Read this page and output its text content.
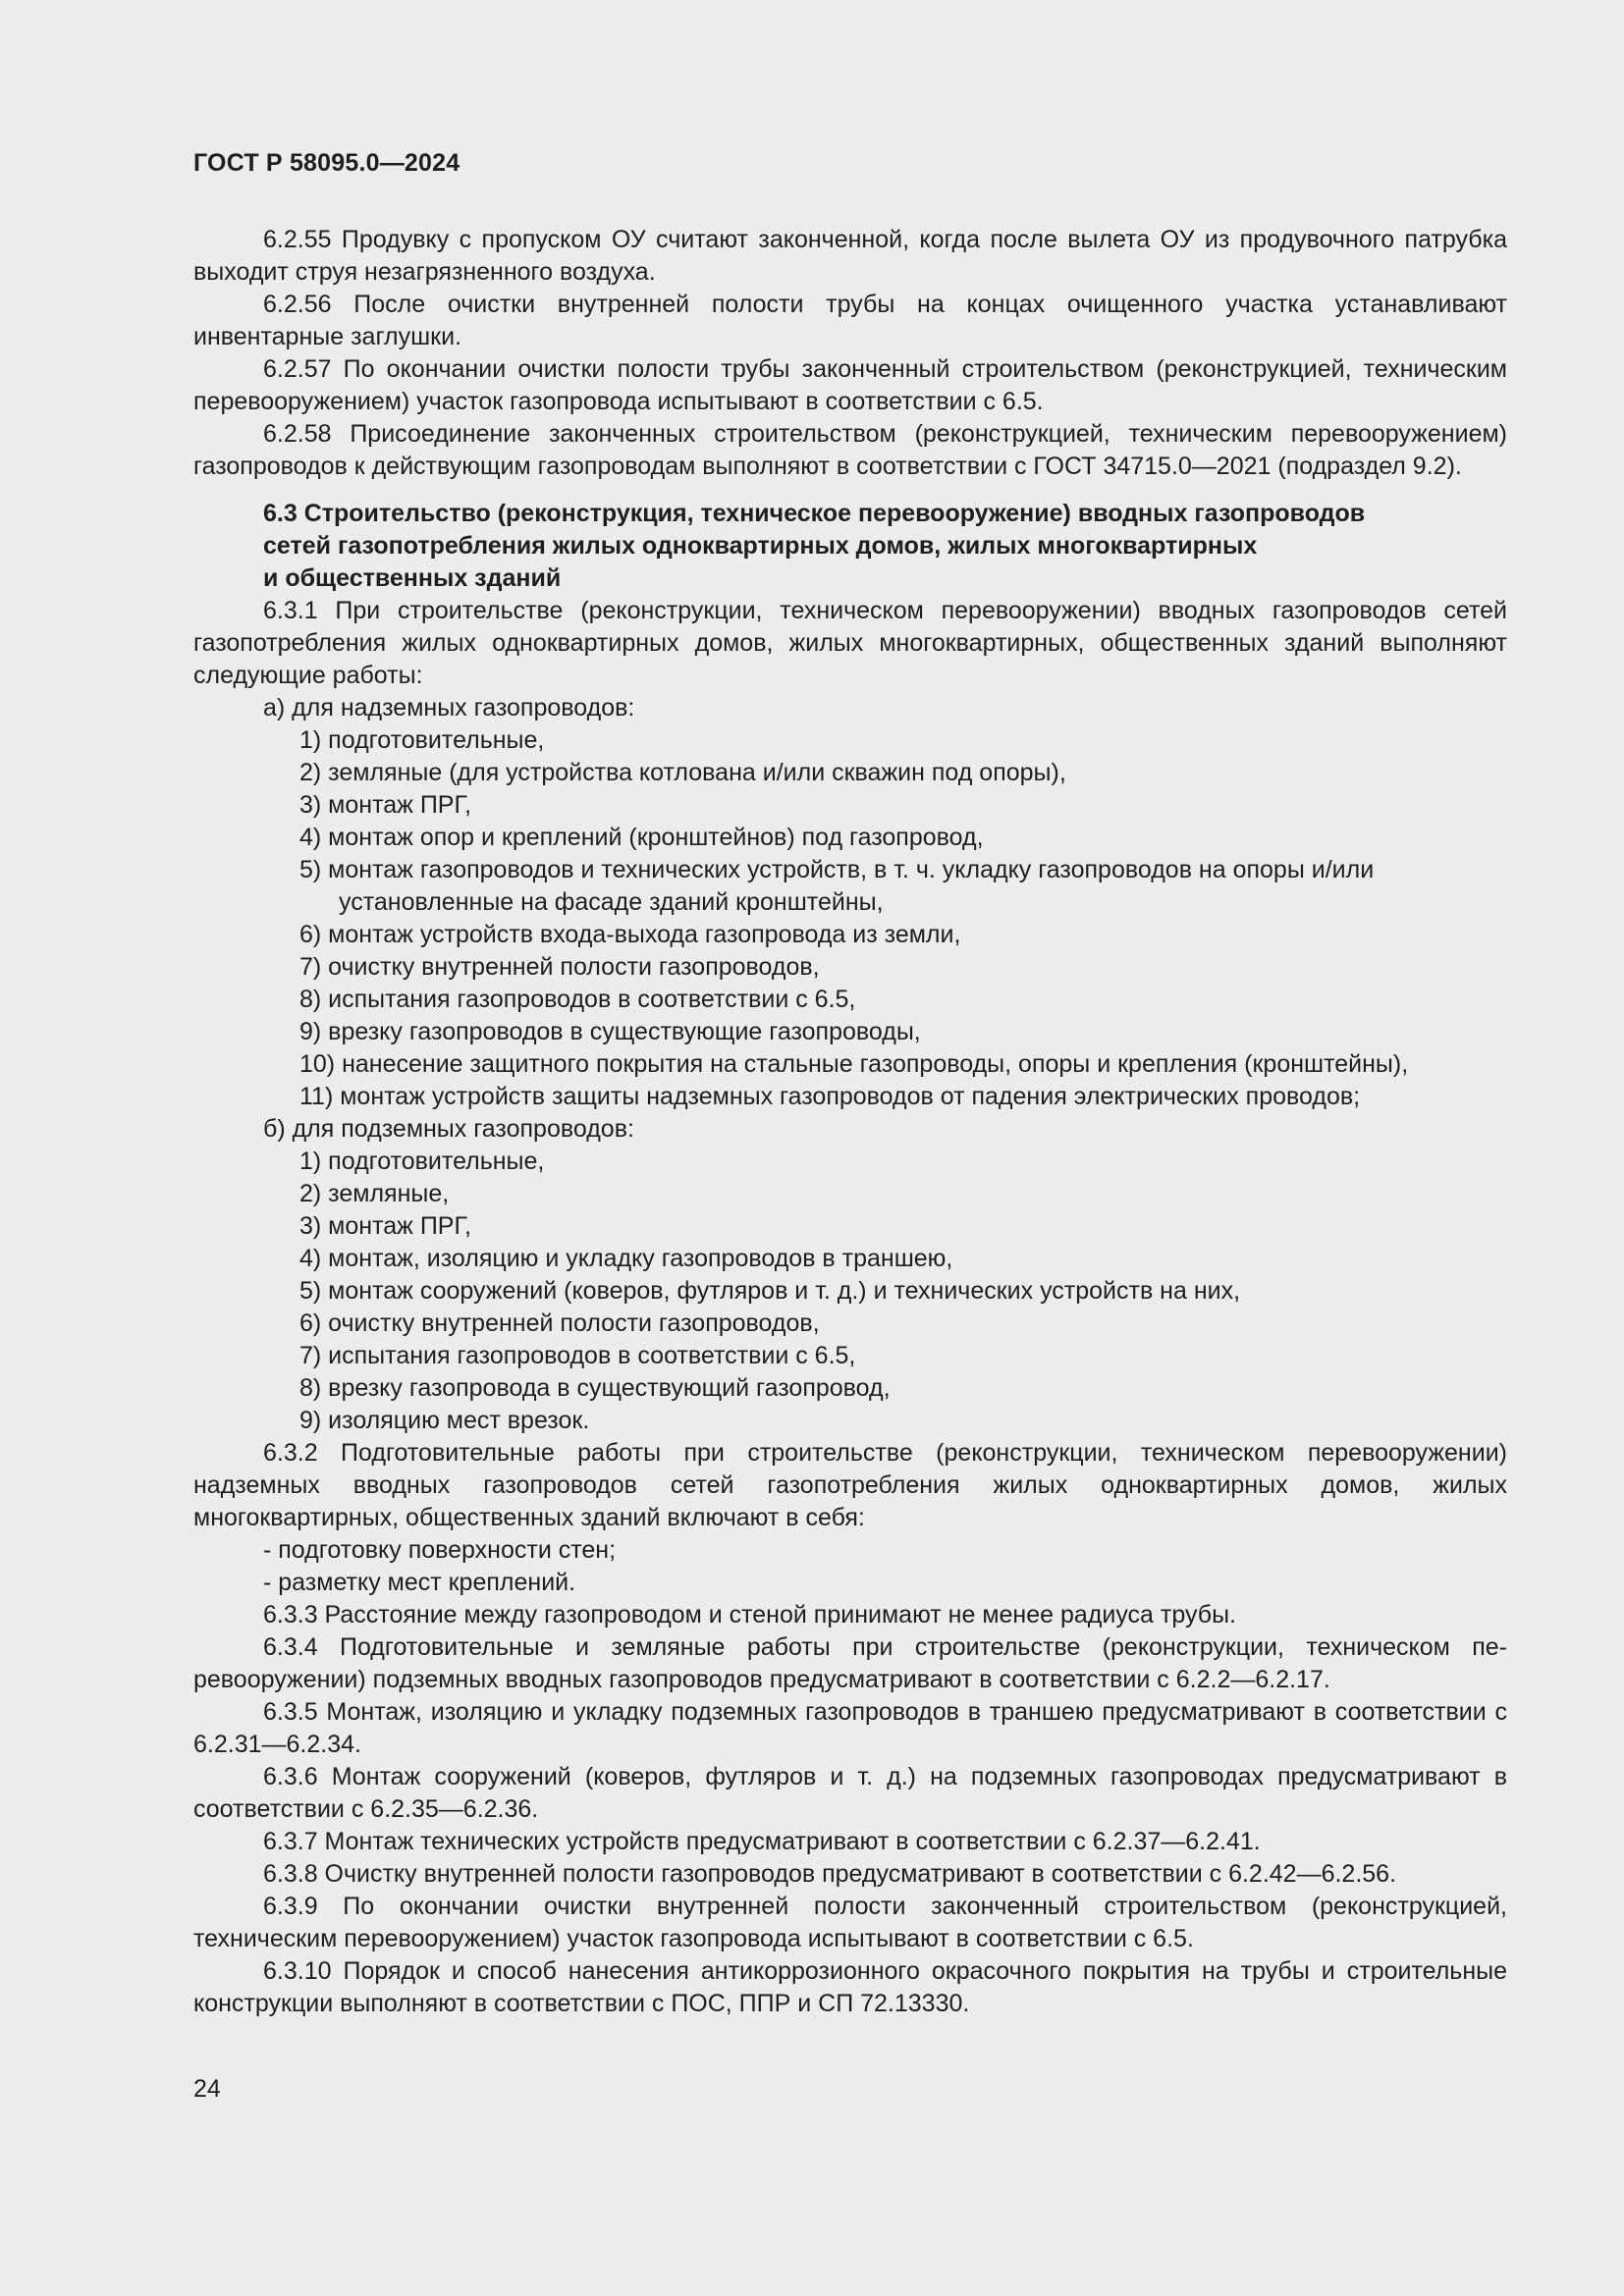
ГОСТ Р 58095.0—2024

6.2.55 Продувку с пропуском ОУ считают законченной, когда после вылета ОУ из продувочного патрубка выходит струя незагрязненного воздуха.

6.2.56 После очистки внутренней полости трубы на концах очищенного участка устанавливают инвентарные заглушки.

6.2.57 По окончании очистки полости трубы законченный строительством (реконструкцией, техническим перевооружением) участок газопровода испытывают в соответствии с 6.5.

6.2.58 Присоединение законченных строительством (реконструкцией, техническим перевооружением) газопроводов к действующим газопроводам выполняют в соответствии с ГОСТ 34715.0—2021 (подраздел 9.2).

6.3 Строительство (реконструкция, техническое перевооружение) вводных газопроводов
сетей газопотребления жилых одноквартирных домов, жилых многоквартирных
и общественных зданий

6.3.1 При строительстве (реконструкции, техническом перевооружении) вводных газопроводов сетей газопотребления жилых одноквартирных домов, жилых многоквартирных, общественных зданий выполняют следующие работы:

а) для надземных газопроводов:

1) подготовительные,

2) земляные (для устройства котлована и/или скважин под опоры),

3) монтаж ПРГ,

4) монтаж опор и креплений (кронштейнов) под газопровод,

5) монтаж газопроводов и технических устройств, в т. ч. укладку газопроводов на опоры и/или установленные на фасаде зданий кронштейны,

6) монтаж устройств входа-выхода газопровода из земли,

7) очистку внутренней полости газопроводов,

8) испытания газопроводов в соответствии с 6.5,

9) врезку газопроводов в существующие газопроводы,

10) нанесение защитного покрытия на стальные газопроводы, опоры и крепления (кронштейны),

11) монтаж устройств защиты надземных газопроводов от падения электрических проводов;

б) для подземных газопроводов:

1) подготовительные,

2) земляные,

3) монтаж ПРГ,

4) монтаж, изоляцию и укладку газопроводов в траншею,

5) монтаж сооружений (коверов, футляров и т. д.) и технических устройств на них,

6) очистку внутренней полости газопроводов,

7) испытания газопроводов в соответствии с 6.5,

8) врезку газопровода в существующий газопровод,

9) изоляцию мест врезок.

6.3.2 Подготовительные работы при строительстве (реконструкции, техническом перевооружении) надземных вводных газопроводов сетей газопотребления жилых одноквартирных домов, жилых многоквартирных, общественных зданий включают в себя:

- подготовку поверхности стен;

- разметку мест креплений.

6.3.3 Расстояние между газопроводом и стеной принимают не менее радиуса трубы.

6.3.4 Подготовительные и земляные работы при строительстве (реконструкции, техническом перевооружении) подземных вводных газопроводов предусматривают в соответствии с 6.2.2—6.2.17.

6.3.5 Монтаж, изоляцию и укладку подземных газопроводов в траншею предусматривают в соответствии с 6.2.31—6.2.34.

6.3.6 Монтаж сооружений (коверов, футляров и т. д.) на подземных газопроводах предусматривают в соответствии с 6.2.35—6.2.36.

6.3.7 Монтаж технических устройств предусматривают в соответствии с 6.2.37—6.2.41.

6.3.8 Очистку внутренней полости газопроводов предусматривают в соответствии с 6.2.42—6.2.56.

6.3.9 По окончании очистки внутренней полости законченный строительством (реконструкцией, техническим перевооружением) участок газопровода испытывают в соответствии с 6.5.

6.3.10 Порядок и способ нанесения антикоррозионного окрасочного покрытия на трубы и строительные конструкции выполняют в соответствии с ПОС, ППР и СП 72.13330.

24
